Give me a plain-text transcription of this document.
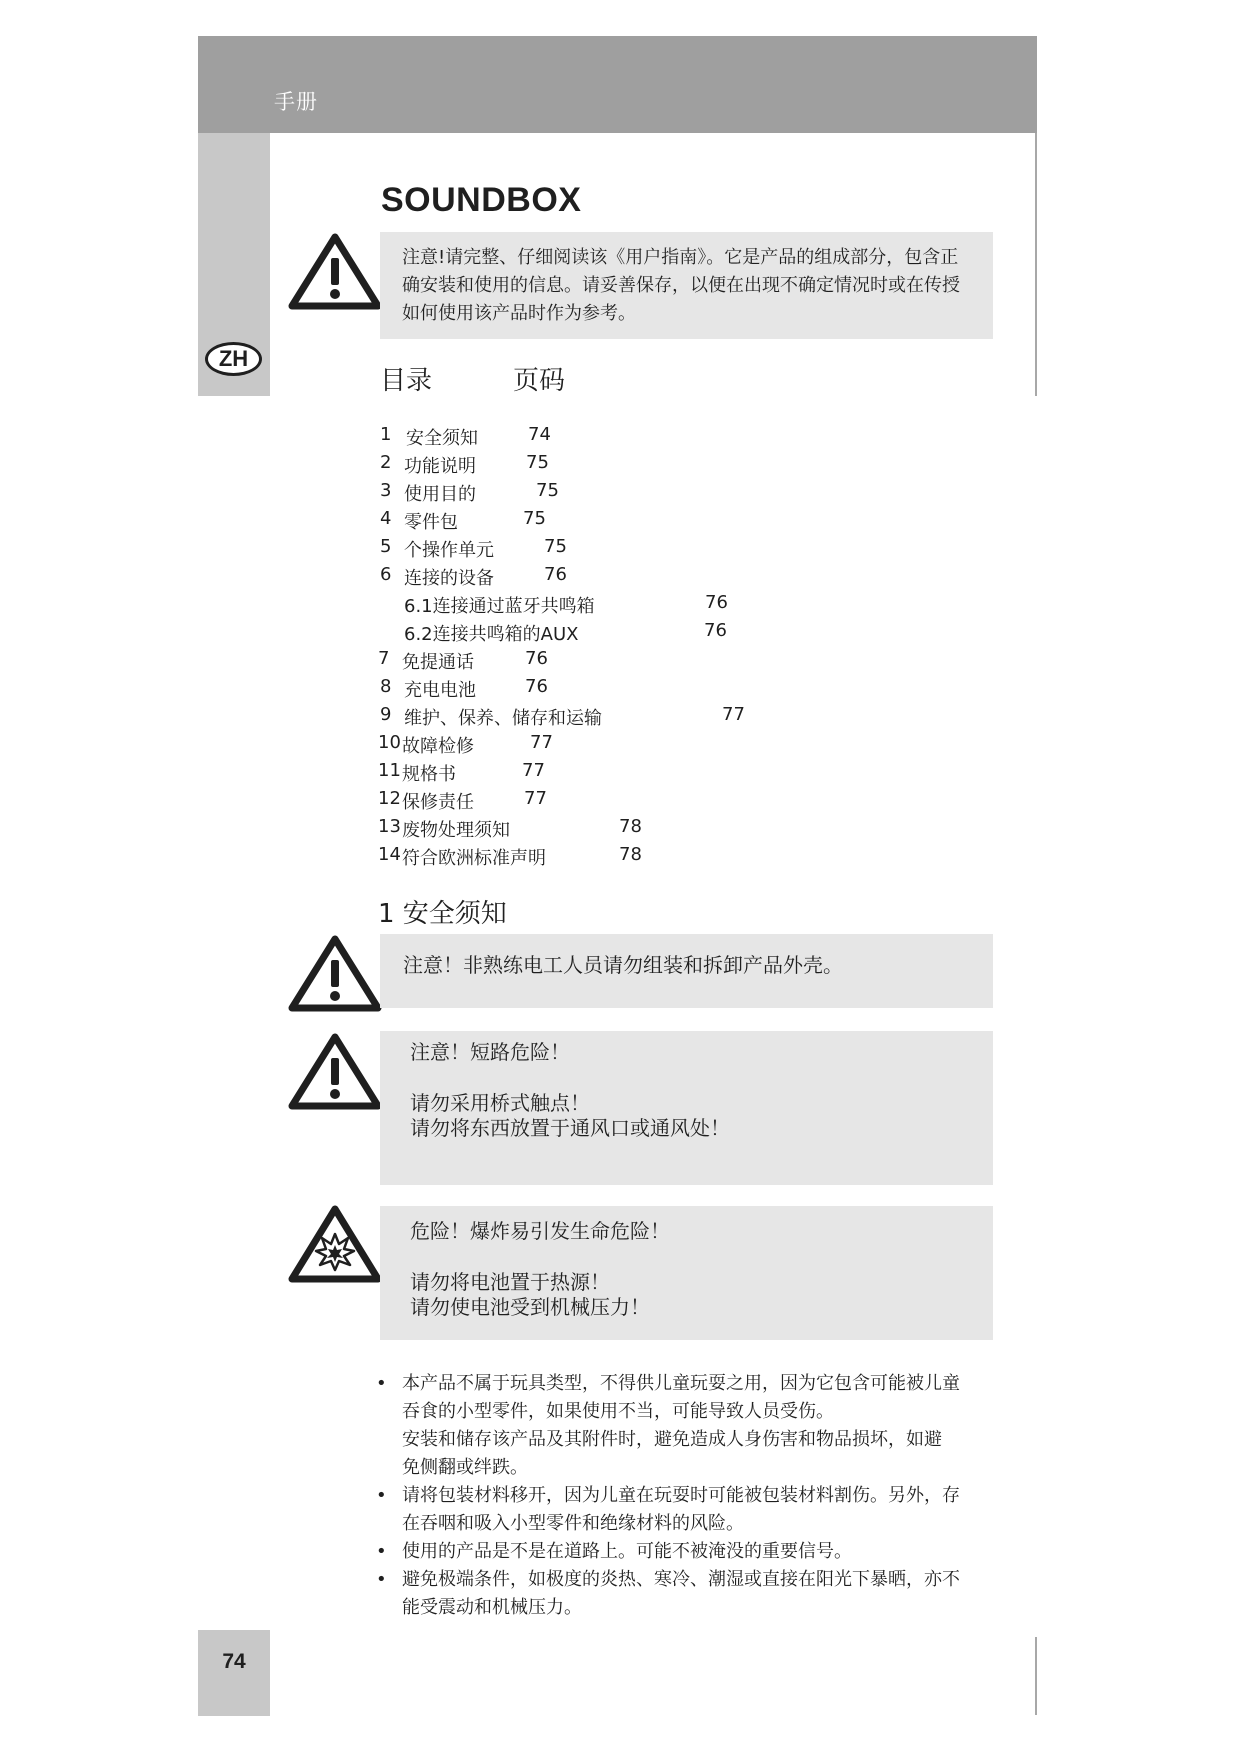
手册
ZH
SOUNDBOX
注意!请完整、仔细阅读该《用户指南》。它是产品的组成部分，包含正
确安装和使用的信息。请妥善保存，以便在出现不确定情况时或在传授
如何使用该产品时作为参考。
目录	页码
1 安全须知	74
2 功能说明	75
3 使用目的	75
4 零件包	75
5 个操作单元	75
6 连接的设备	76
6.1连接通过蓝牙共鸣箱	76
6.2连接共鸣箱的AUX	76
7 免提通话	76
8 充电电池	76
9 维护、保养、储存和运输	77
10 故障检修	77
11 规格书	77
12 保修责任	77
13 废物处理须知	78
14 符合欧洲标准声明	78
1 安全须知
注意！非熟练电工人员请勿组装和拆卸产品外壳。
注意！短路危险！
请勿采用桥式触点！
请勿将东西放置于通风口或通风处！
危险！爆炸易引发生命危险！
请勿将电池置于热源！
请勿使电池受到机械压力！
• 本产品不属于玩具类型，不得供儿童玩耍之用，因为它包含可能被儿童

吞食的小型零件，如果使用不当，可能导致人员受伤。

安装和储存该产品及其附件时，避免造成人身伤害和物品损坏，如避

免侧翻或绊跌。

• 请将包装材料移开，因为儿童在玩耍时可能被包装材料割伤。另外，存

在吞咽和吸入小型零件和绝缘材料的风险。

• 使用的产品是不是在道路上。可能不被淹没的重要信号。

• 避免极端条件，如极度的炎热、寒冷、潮湿或直接在阳光下暴晒，亦不

能受震动和机械压力。

74
